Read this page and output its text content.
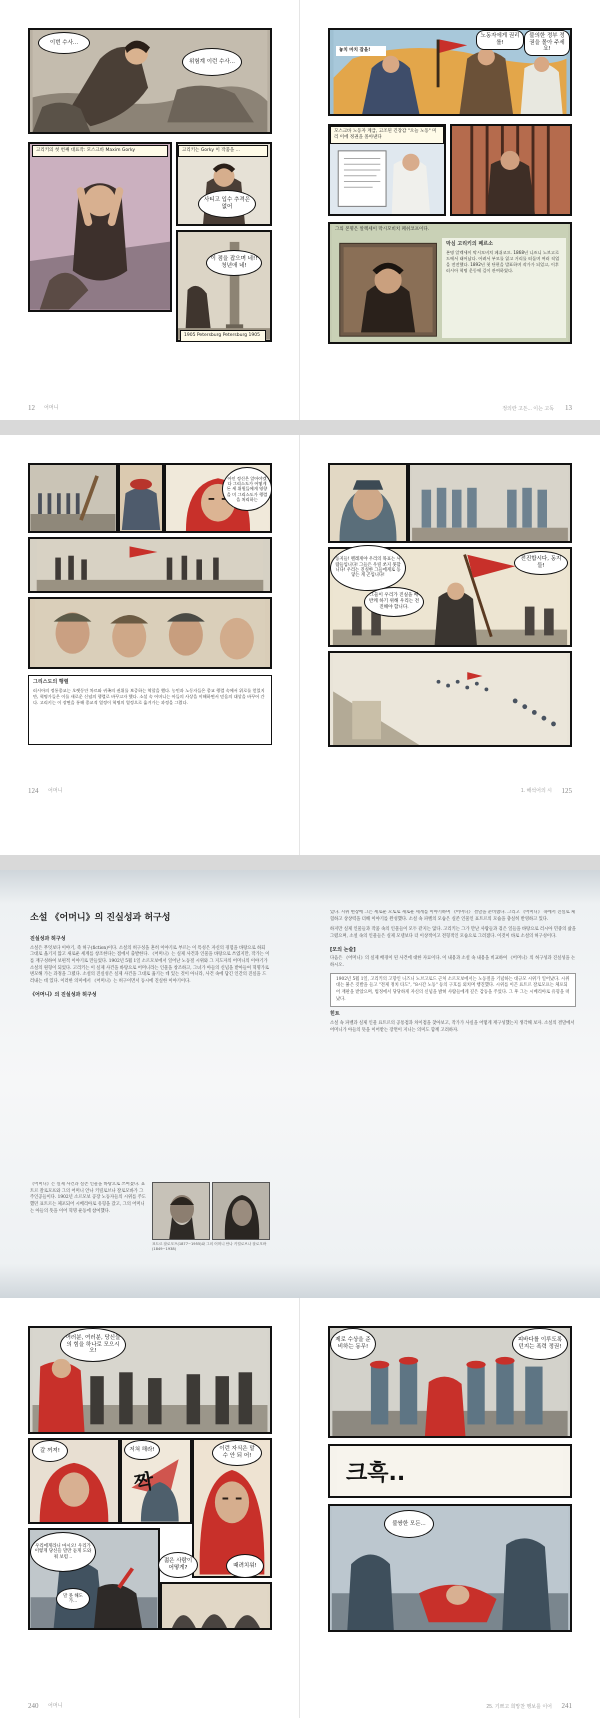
이번 수사...
위험계 이런 수사...
고리키의 첫 번째 대표작: 모스크바 Maxim Gorky	고리키는 Gorky 이 작품을 ...
사티고 입수 추격은 없어
이 점을 잡으며 네!! 청년애 네!
1905 Petersburg Petersburg 1905
12 어머니
놓치 마치 잡을!
노동자에게 권리를!
불의한 정부 정권을 몰아 주세요!
모스크바 노동자 계급, 고조된 긴장감 "오늘 노동" 미리 이에 정권을 몰아낸다
그의 본명은 알렉세이 막시모비치 페쉬코프이다.
막심 고리키의 페르소
본명 알렉세이 막시모비치 페쉬코프. 1868년 니즈니 노브고로드에서 태어났다. 어려서 부모를 잃고 거리를 떠돌며 여러 직업을 전전했다. 1892년 첫 단편을 발표하며 작가가 되었고, 이후 러시아 혁명 운동에 깊이 관여하였다.
정의란 고든... 이는 고독 13
아인 정신은 알아야겠다 그리스도가 어떻게든 세 위원들에게 영향을 미 그리스도가 행렬을 처리하는
그리스도의 행렬
러시아의 정통종교는 오랫동안 차르와 귀족의 권위를 보증하는 역할을 했다. 농민과 노동자들은 종교 행렬 속에서 위로를 얻었지만, 혁명가들은 이를 새로운 신념의 행렬로 바꾸고자 했다. 소설 속 어머니는 아들의 사상을 이해하면서 믿음의 대상을 바꾸어 간다. 고리키는 이 장면을 통해 종교적 열정이 혁명의 열정으로 옮겨가는 과정을 그렸다.
124 어머니
동지들! 펠레게야 우리의 목표는 사람들입니다! 그들은 우릴 쏘지 못합니다! 우리는 진실한 그들에게로 동닿는 게 곤입니다!
전진합시다, 동지들!
그들이 우리가 진실을 배반케 하기 위해 우리는 전진해야 합니다.
1. 해석어의 시 125
소설 《어머니》의 진실성과 허구성
진실성과 허구성
소설은 무엇보다 이야기, 즉 허구(fiction)이다. 소설의 허구성을 흔히 이야기로 부르는 이 특성은 자신의 경험을 바탕으로 하되 그대로 옮기지 않고 새로운 세계를 창조한다는 점에서 출발한다. 《어머니》는 실제 사건과 인물을 바탕으로 쓰였지만, 작가는 이를 재구성하여 보편적 이야기로 만들었다. 1902년 5월 1일 소르모보에서 일어난 노동절 시위와 그 지도자의 어머니의 이야기가 소설의 원형이 되었다. 고리키는 이 실제 사건을 바탕으로 어머니라는 인물을 창조하고, 그녀가 아들의 신념을 받아들여 혁명가로 변모해 가는 과정을 그렸다. 소설의 진실성은 실제 사건을 그대로 옮기는 데 있는 것이 아니라, 사건 속에 담긴 인간의 진실을 드러내는 데 있다. 이러한 의미에서 《어머니》는 허구이면서 동시에 진실한 이야기이다.
《어머니》의 진실성과 허구성
《어머니》는 실제 사건과 실존 인물을 바탕으로 쓰여졌다. 표트르 잘로모프와 그의 어머니 안나 키릴로브나 잘로모바가 그 주인공들이다. 1902년 소르모보 공장 노동자들의 시위를 주도했던 표트르는 체포되어 시베리아로 유형을 갔고, 그의 어머니는 아들의 뜻을 이어 혁명 운동에 참여했다.
표트르 잘로모프(1877~1955)와 그의 어머니 안나 키릴로브나 잘로모바(1849~1938)
있다. 시위 현장에 그는 세로운 모토로 새로운 세계를 이야기하며 《어머니》 결말을 준비했다. 그리고 《어머니》 속에서 진실로 체험하고 상상력을 더해 이야기를 완성했다. 소설 속 파벨의 모습은 실존 인물인 표트르의 모습을 충실히 반영하고 있다.
하지만 실제 인물들과 작품 속의 인물들이 모두 같지는 않다. 고리키는 그가 만난 사람들과 겪은 일들을 바탕으로 러시아 민중의 삶을 그렸으며, 소설 속의 인물들은 실제 모델보다 더 이상적이고 전형적인 모습으로 그려졌다. 이것이 바로 소설의 허구성이다.
[모의 논술]
다음은 《어머니》의 실제 배경이 된 사건에 대한 자료이다. 이 내용과 소설 속 내용을 비교하여 《어머니》의 허구성과 진실성을 논하시오.
1902년 5월 1일, 고리키의 고향인 니즈니 노브고로드 근처 소르모보에서는 노동절을 기념하는 대규모 시위가 일어났다. 시위대는 붉은 깃발을 들고 "전제 정치 타도", "8시간 노동" 등의 구호를 외치며 행진했다. 시위를 이끈 표트르 잘로모프는 체포되어 재판을 받았으며, 법정에서 당당하게 자신의 신념을 밝혀 사람들에게 깊은 감동을 주었다. 그 후 그는 시베리아로 유형을 떠났다.
힌트
소설 속 파벨과 실제 인물 표트르의 공통점과 차이점을 찾아보고, 작가가 사실을 어떻게 재구성했는지 생각해 보자. 소설의 결말에서 어머니가 아들의 뜻을 이어받는 장면이 지니는 의미도 함께 고려하자.
여러분, 여러분, 당신들의 힘을 하나로 모으시오!
갈 꺼져!	저쳐 해라!
짝
이런 자식은 말 수 안 되 어!
우리에게라니 마시오! 우리가 이렇게 당신들 말만 듣게 도와줘 보렴 ..
말 못 해도 가...
젊은 사람이 어떻게?	때려치워!
240 어머니
제로 수상을 준비하는 동무!
피바다를 이루도록 던지는 폭력 정권!
크흑..
불쌍한 모든...
25. 기쁘고 희망찬 행보를 이어 241
